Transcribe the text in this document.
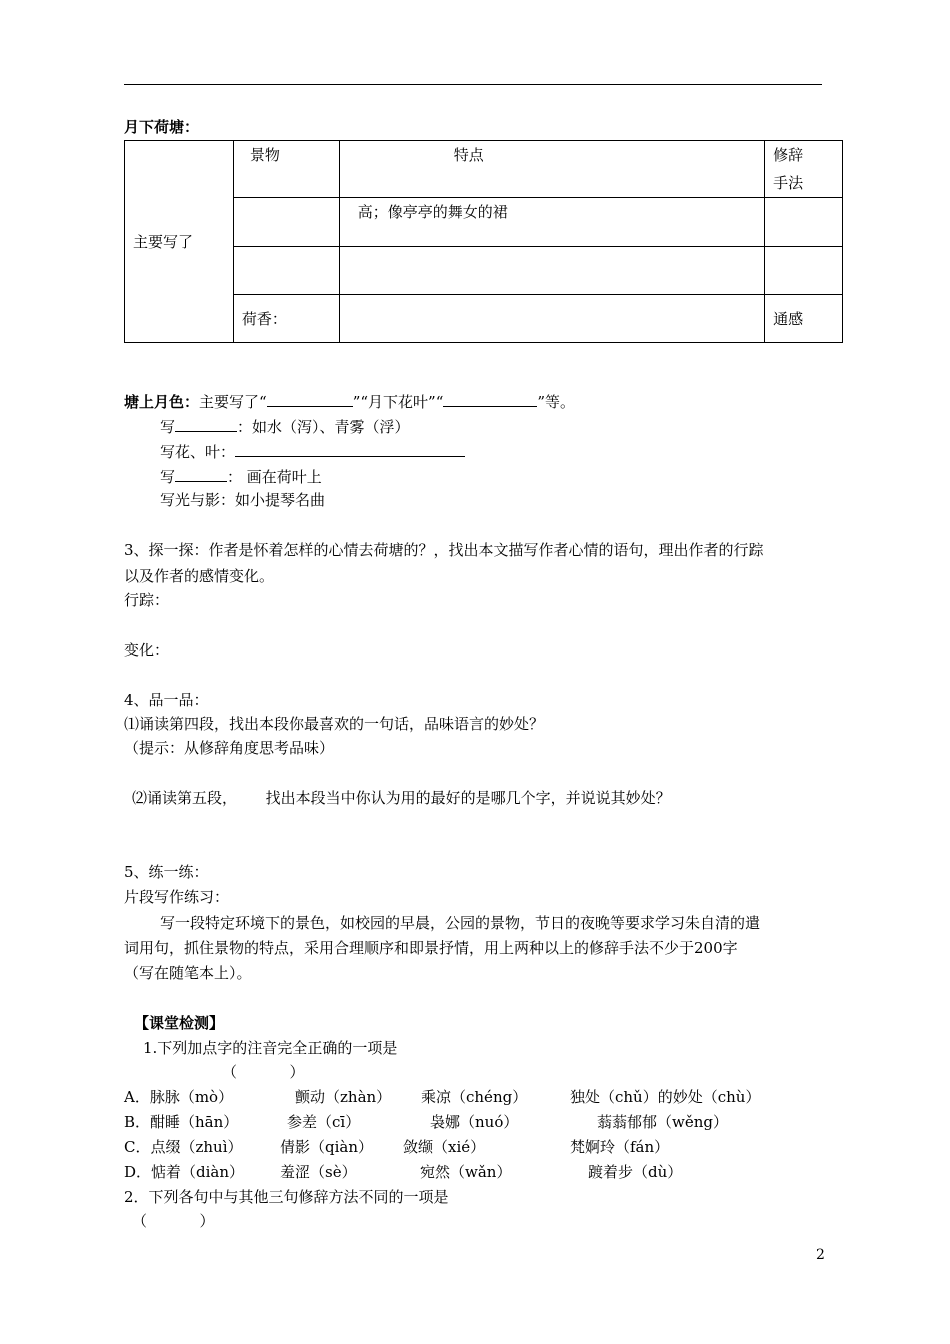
月下荷塘：
主要写了	景物	特点	修辞
手法
		高；像亭亭的舞女的裙	

	荷香：		通感
塘上月色：主要写了“	”“月下花叶”“	”等。
写	：如水（泻）、青雾（浮）
写花、叶：
写	： 画在荷叶上
写光与影：如小提琴名曲
3、探一探：作者是怀着怎样的心情去荷塘的？，找出本文描写作者心情的语句，理出作者的行踪
以及作者的感情变化。
行踪：
变化：
4、品一品：
⑴诵读第四段，找出本段你最喜欢的一句话，品味语言的妙处？
（提示：从修辞角度思考品味）
⑵诵读第五段，      找出本段当中你认为用的最好的是哪几个字，并说说其妙处？
5、练一练：
片段写作练习：
写一段特定环境下的景色，如校园的早晨，公园的景物，节日的夜晚等要求学习朱自清的遣
词用句，抓住景物的特点，采用合理顺序和即景抒情，用上两种以上的修辞手法不少于200字
（写在随笔本上）。
【课堂检测】
1.下列加点字的注音完全正确的一项是
（           ）
A．脉脉（mò）	颤动（zhàn） 乘凉（chéng）	独处（chǔ）的妙处（chù）
B．酣睡（hān）	参差（cī）	袅娜（nuó）	蓊蓊郁郁（wěng）
C．点缀（zhuì）	倩影（qiàn） 敛缬（xié）	梵婀玲（fán）
D．惦着（diàn） 羞涩（sè）	宛然（wǎn）	踱着步（dù）
2．下列各句中与其他三句修辞方法不同的一项是
（           ）
2
